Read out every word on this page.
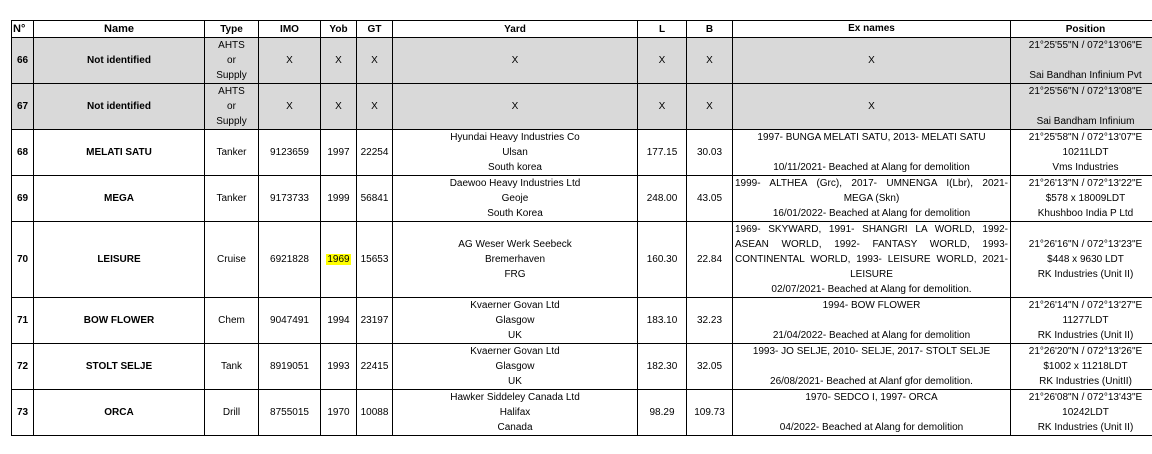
N°	Name	Type	IMO	Yob	GT	Yard	L	B	Ex names	Position
66	Not identified	AHTS
or
Supply	X	X	X	X	X	X	X	21°25'55"N / 072°13'06"E
Sai Bandhan Infinium Pvt

67	Not identified	AHTS
or
Supply	X	X	X	X	X	X	X	21°25'56"N / 072°13'08"E
Sai Bandham Infinium

68	MELATI SATU	Tanker	9123659	1997	22254	Hyundai Heavy Industries Co
Ulsan
South korea	177.15	30.03	1997- BUNGA MELATI SATU, 2013- MELATI SATU
10/11/2021- Beached at Alang for demolition	21°25'58"N / 072°13'07"E
10211LDT
Vms Industries

69	MEGA	Tanker	9173733	1999	56841	Daewoo Heavy Industries Ltd
Geoje
South Korea	248.00	43.05	1999- ALTHEA (Grc), 2017- UMNENGA I(Lbr), 2021-
MEGA (Skn)
16/01/2022- Beached at Alang for demolition	21°26'13"N / 072°13'22"E
$578 x 18009LDT
Khushboo India P Ltd

70	LEISURE	Cruise	6921828	1969	15653	AG Weser Werk Seebeck
Bremerhaven
FRG	160.30	22.84	1969- SKYWARD, 1991- SHANGRI LA WORLD, 1992-
ASEAN WORLD, 1992- FANTASY WORLD, 1993-
CONTINENTAL WORLD, 1993- LEISURE WORLD, 2021-
LEISURE
02/07/2021- Beached at Alang for demolition.	21°26'16"N / 072°13'23"E
$448 x 9630 LDT
RK Industries (Unit II)

71	BOW FLOWER	Chem	9047491	1994	23197	Kvaerner Govan Ltd
Glasgow
UK	183.10	32.23	1994- BOW FLOWER
21/04/2022- Beached at Alang for demolition	21°26'14"N / 072°13'27"E
11277LDT
RK Industries (Unit II)

72	STOLT SELJE	Tank	8919051	1993	22415	Kvaerner Govan Ltd
Glasgow
UK	182.30	32.05	1993- JO SELJE, 2010- SELJE, 2017- STOLT SELJE
26/08/2021- Beached at Alanf gfor demolition.	21°26'20"N / 072°13'26"E
$1002 x 11218LDT
RK Industries (UnitII)

73	ORCA	Drill	8755015	1970	10088	Hawker Siddeley Canada Ltd
Halifax
Canada	98.29	109.73	1970- SEDCO I, 1997- ORCA
04/2022- Beached at Alang for demolition	21°26'08"N / 072°13'43"E
10242LDT
RK Industries (Unit II)
